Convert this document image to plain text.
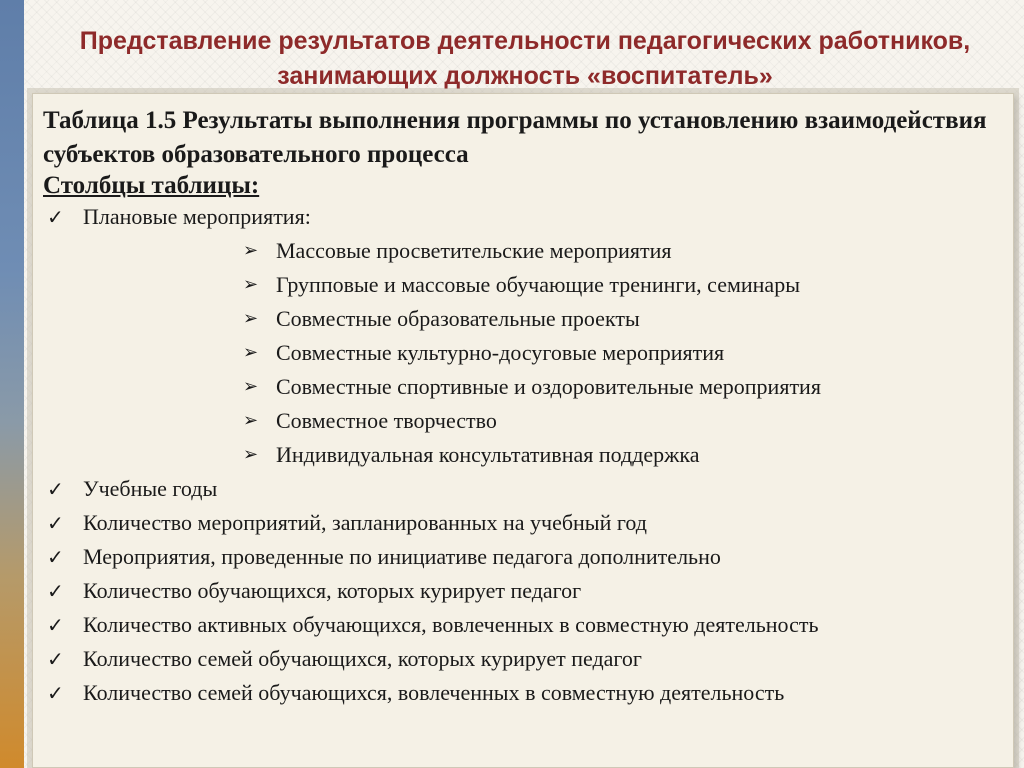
Представление результатов деятельности педагогических работников, занимающих должность «воспитатель»

Таблица 1.5 Результаты выполнения программы по установлению взаимодействия субъектов образовательного процесса

Столбцы таблицы:
✓ Плановые мероприятия:
➢ Массовые просветительские мероприятия
➢ Групповые и массовые обучающие тренинги, семинары
➢ Совместные образовательные проекты
➢ Совместные культурно-досуговые мероприятия
➢ Совместные спортивные и оздоровительные мероприятия
➢ Совместное творчество
➢ Индивидуальная консультативная поддержка
✓ Учебные годы
✓ Количество мероприятий, запланированных на учебный год
✓ Мероприятия, проведенные по инициативе педагога дополнительно
✓ Количество обучающихся, которых курирует педагог
✓ Количество активных обучающихся, вовлеченных в совместную деятельность
✓ Количество семей обучающихся, которых курирует педагог
✓ Количество семей обучающихся, вовлеченных в совместную деятельность
